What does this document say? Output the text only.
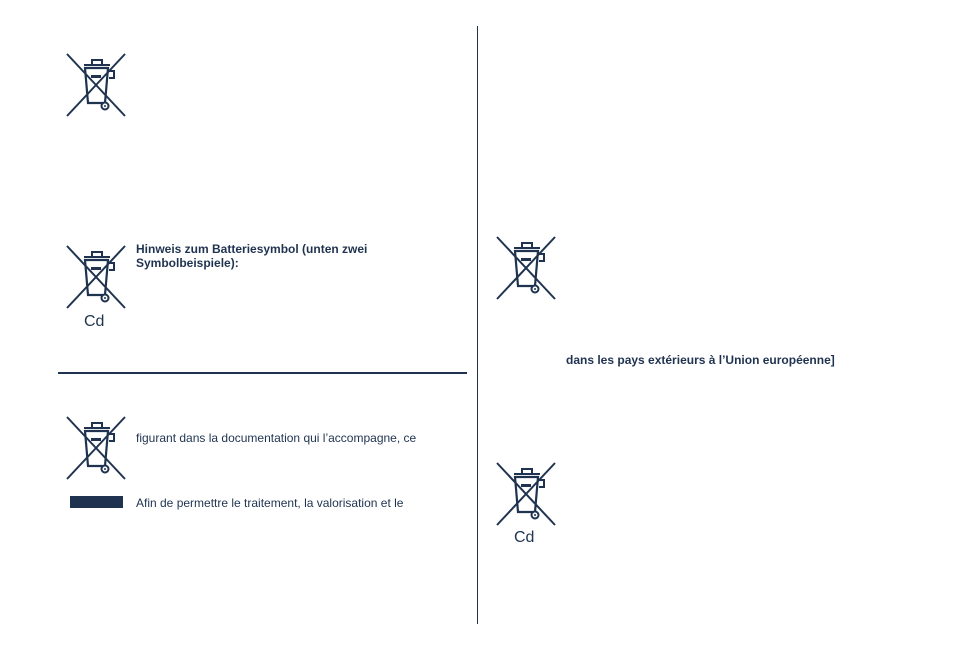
Cd
Hinweis zum Batteriesymbol (unten zwei
Symbolbeispiele):
figurant dans la documentation qui l’accompagne, ce
Afin de permettre le traitement, la valorisation et le
dans les pays extérieurs à l’Union européenne]
Cd
